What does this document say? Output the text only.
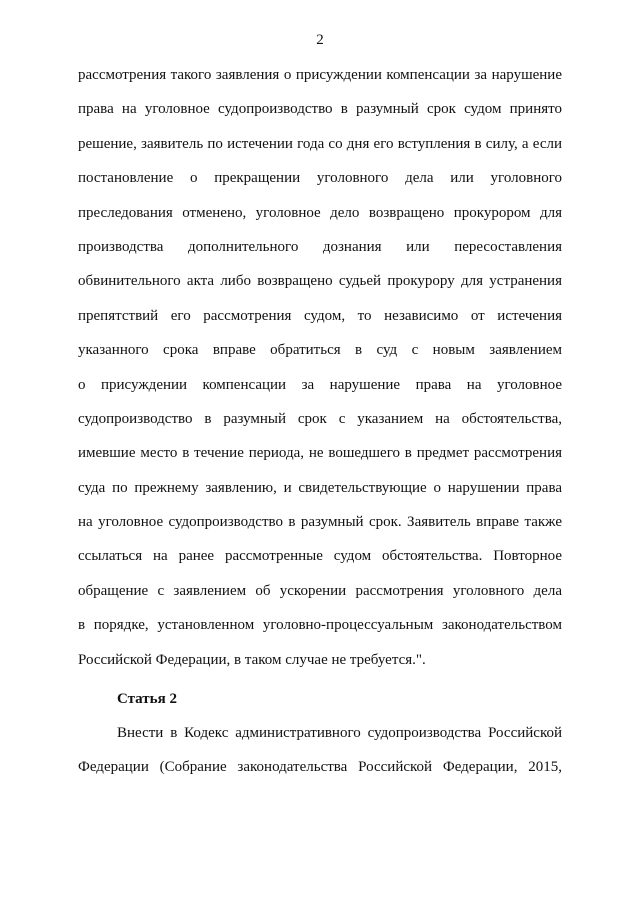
2
рассмотрения такого заявления о присуждении компенсации за нарушение
права на уголовное судопроизводство в разумный срок судом принято
решение, заявитель по истечении года со дня его вступления в силу, а если
постановление о прекращении уголовного дела или уголовного
преследования отменено, уголовное дело возвращено прокурором для
производства дополнительного дознания или пересоставления
обвинительного акта либо возвращено судьей прокурору для устранения
препятствий его рассмотрения судом, то независимо от истечения
указанного срока вправе обратиться в суд с новым заявлением
о присуждении компенсации за нарушение права на уголовное
судопроизводство в разумный срок с указанием на обстоятельства,
имевшие место в течение периода, не вошедшего в предмет рассмотрения
суда по прежнему заявлению, и свидетельствующие о нарушении права
на уголовное судопроизводство в разумный срок. Заявитель вправе также
ссылаться на ранее рассмотренные судом обстоятельства. Повторное
обращение с заявлением об ускорении рассмотрения уголовного дела
в порядке, установленном уголовно-процессуальным законодательством
Российской Федерации, в таком случае не требуется.".
Статья 2
Внести в Кодекс административного судопроизводства Российской
Федерации (Собрание законодательства Российской Федерации, 2015,
